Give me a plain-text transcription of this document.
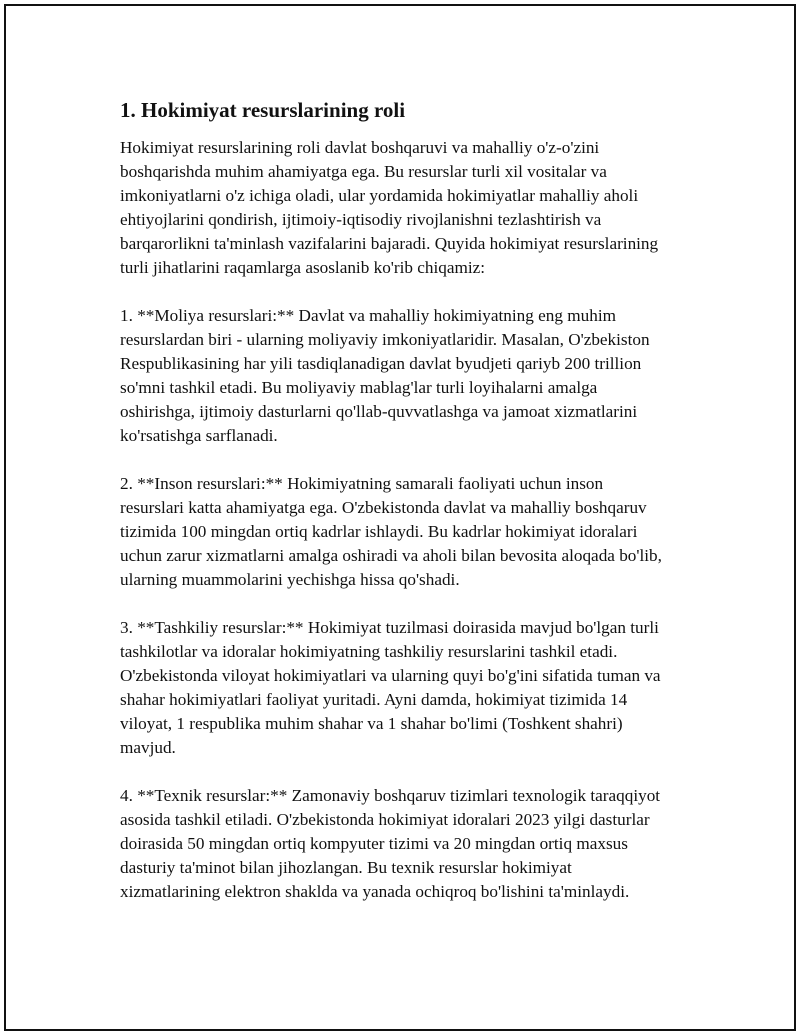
1. Hokimiyat resurslarining roli

Hokimiyat resurslarining roli davlat boshqaruvi va mahalliy o'z-o'zini boshqarishda muhim ahamiyatga ega. Bu resurslar turli xil vositalar va imkoniyatlarni o'z ichiga oladi, ular yordamida hokimiyatlar mahalliy aholi ehtiyojlarini qondirish, ijtimoiy-iqtisodiy rivojlanishni tezlashtirish va barqarorlikni ta'minlash vazifalarini bajaradi. Quyida hokimiyat resurslarining turli jihatlarini raqamlarga asoslanib ko'rib chiqamiz:

1. **Moliya resurslari:** Davlat va mahalliy hokimiyatning eng muhim resurslardan biri - ularning moliyaviy imkoniyatlaridir. Masalan, O'zbekiston Respublikasining har yili tasdiqlanadigan davlat byudjeti qariyb 200 trillion so'mni tashkil etadi. Bu moliyaviy mablag'lar turli loyihalarni amalga oshirishga, ijtimoiy dasturlarni qo'llab-quvvatlashga va jamoat xizmatlarini ko'rsatishga sarflanadi.

2. **Inson resurslari:** Hokimiyatning samarali faoliyati uchun inson resurslari katta ahamiyatga ega. O'zbekistonda davlat va mahalliy boshqaruv tizimida 100 mingdan ortiq kadrlar ishlaydi. Bu kadrlar hokimiyat idoralari uchun zarur xizmatlarni amalga oshiradi va aholi bilan bevosita aloqada bo'lib, ularning muammolarini yechishga hissa qo'shadi.

3. **Tashkiliy resurslar:** Hokimiyat tuzilmasi doirasida mavjud bo'lgan turli tashkilotlar va idoralar hokimiyatning tashkiliy resurslarini tashkil etadi. O'zbekistonda viloyat hokimiyatlari va ularning quyi bo'g'ini sifatida tuman va shahar hokimiyatlari faoliyat yuritadi. Ayni damda, hokimiyat tizimida 14 viloyat, 1 respublika muhim shahar va 1 shahar bo'limi (Toshkent shahri) mavjud.

4. **Texnik resurslar:** Zamonaviy boshqaruv tizimlari texnologik taraqqiyot asosida tashkil etiladi. O'zbekistonda hokimiyat idoralari 2023 yilgi dasturlar doirasida 50 mingdan ortiq kompyuter tizimi va 20 mingdan ortiq maxsus dasturiy ta'minot bilan jihozlangan. Bu texnik resurslar hokimiyat xizmatlarining elektron shaklda va yanada ochiqroq bo'lishini ta'minlaydi.
